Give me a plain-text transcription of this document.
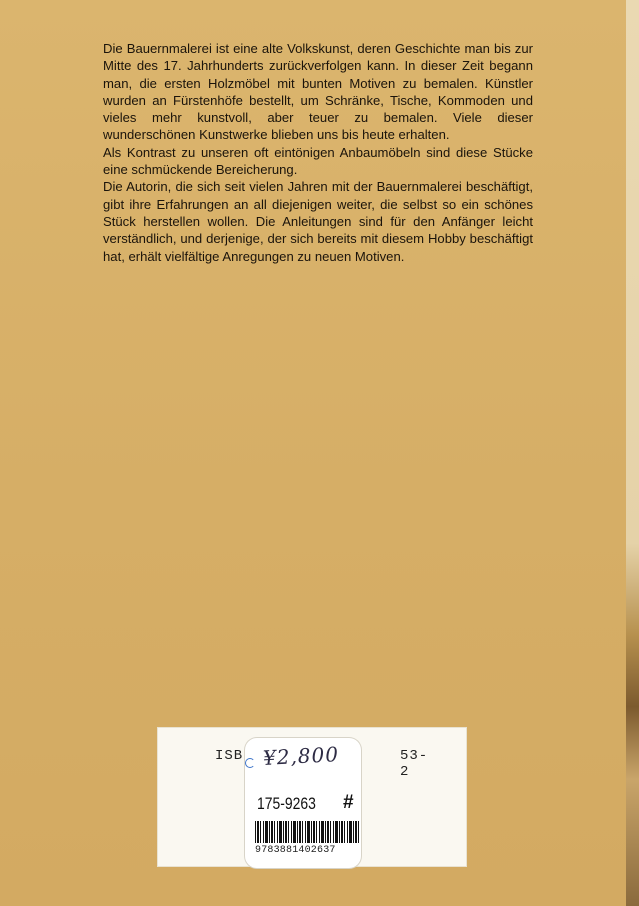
Die Bauernmalerei ist eine alte Volkskunst, deren Geschichte man bis zur Mitte des 17. Jahrhunderts zurückverfolgen kann. In dieser Zeit begann man, die ersten Holzmöbel mit bunten Motiven zu bemalen. Künstler wurden an Fürstenhöfe bestellt, um Schränke, Tische, Kommoden und vieles mehr kunstvoll, aber teuer zu bemalen. Viele dieser wunderschönen Kunstwerke blieben uns bis heute erhalten.

Als Kontrast zu unseren oft eintönigen Anbaumöbeln sind diese Stücke eine schmückende Bereicherung.

Die Autorin, die sich seit vielen Jahren mit der Bauernmalerei beschäftigt, gibt ihre Erfahrungen an all diejenigen weiter, die selbst so ein schönes Stück herstellen wollen. Die Anleitungen sind für den Anfänger leicht verständlich, und derjenige, der sich bereits mit diesem Hobby beschäftigt hat, erhält vielfältige Anregungen zu neuen Motiven.

ISB	53-2
¥2,800
175-9263 #
9783881402637
